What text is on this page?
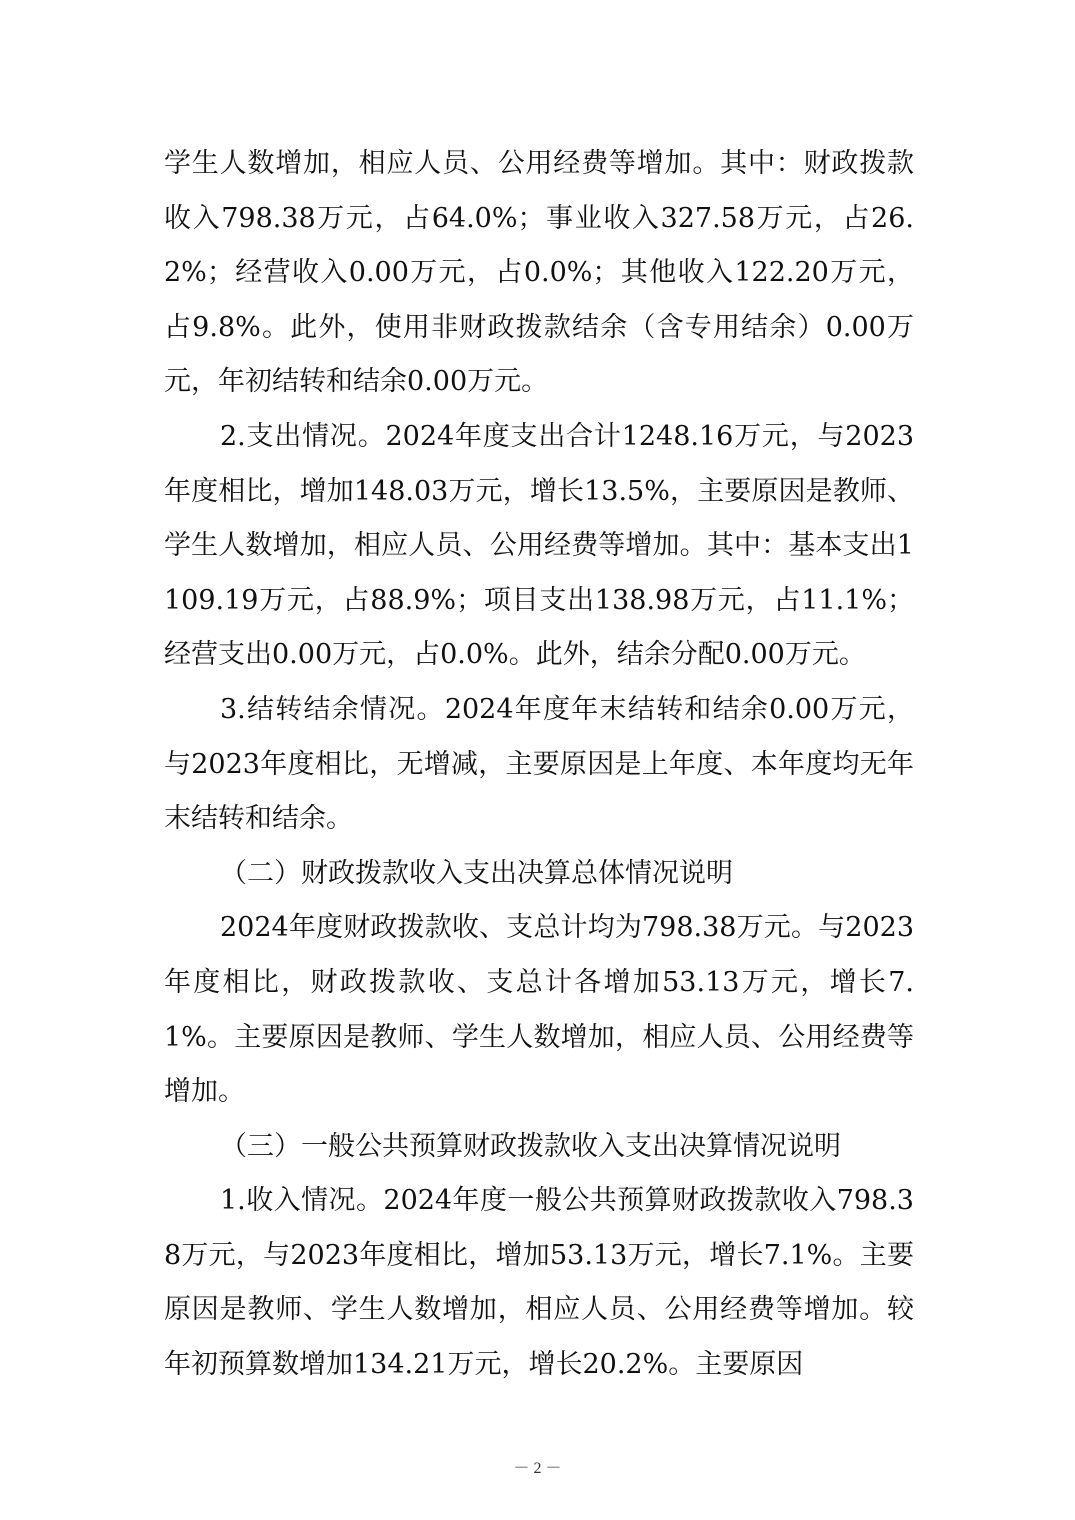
学生人数增加，相应人员、公用经费等增加。其中：财政拨款收入798.38万元，占64.0%；事业收入327.58万元，占26.2%；经营收入0.00万元，占0.0%；其他收入122.20万元，占9.8%。此外，使用非财政拨款结余（含专用结余）0.00万元，年初结转和结余0.00万元。

2.支出情况。2024年度支出合计1248.16万元，与2023年度相比，增加148.03万元，增长13.5%，主要原因是教师、学生人数增加，相应人员、公用经费等增加。其中：基本支出1109.19万元，占88.9%；项目支出138.98万元，占11.1%；经营支出0.00万元，占0.0%。此外，结余分配0.00万元。

3.结转结余情况。2024年度年末结转和结余0.00万元，与2023年度相比，无增减，主要原因是上年度、本年度均无年末结转和结余。

（二）财政拨款收入支出决算总体情况说明

2024年度财政拨款收、支总计均为798.38万元。与2023年度相比，财政拨款收、支总计各增加53.13万元，增长7.1%。主要原因是教师、学生人数增加，相应人员、公用经费等增加。

（三）一般公共预算财政拨款收入支出决算情况说明

1.收入情况。2024年度一般公共预算财政拨款收入798.38万元，与2023年度相比，增加53.13万元，增长7.1%。主要原因是教师、学生人数增加，相应人员、公用经费等增加。较年初预算数增加134.21万元，增长20.2%。主要原因

－ 2 －
